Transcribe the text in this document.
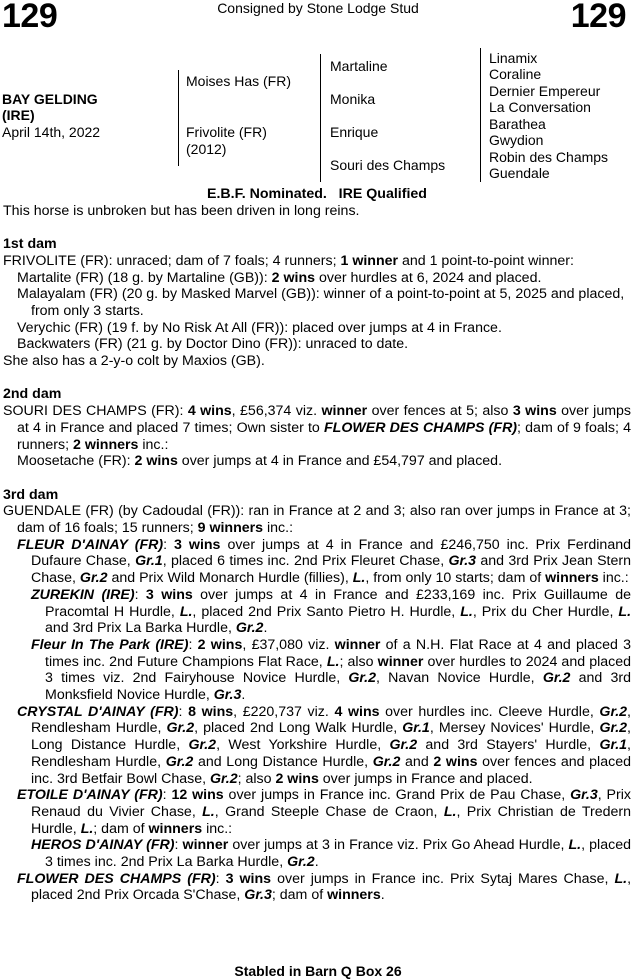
129	Consigned by Stone Lodge Stud	129
BAY GELDING
(IRE)
April 14th, 2022
Moises Has (FR)
Frivolite (FR)
(2012)
Martaline
Monika
Enrique
Souri des Champs
Linamix
Coraline
Dernier Empereur
La Conversation
Barathea
Gwydion
Robin des Champs
Guendale

E.B.F. Nominated. IRE Qualified

This horse is unbroken but has been driven in long reins.

1st dam

FRIVOLITE (FR): unraced; dam of 7 foals; 4 runners; 1 winner and 1 point-to-point winner:

Martalite (FR) (18 g. by Martaline (GB)): 2 wins over hurdles at 6, 2024 and placed.

Malayalam (FR) (20 g. by Masked Marvel (GB)): winner of a point-to-point at 5, 2025 and placed, from only 3 starts.

Verychic (FR) (19 f. by No Risk At All (FR)): placed over jumps at 4 in France.

Backwaters (FR) (21 g. by Doctor Dino (FR)): unraced to date.

She also has a 2-y-o colt by Maxios (GB).

2nd dam

SOURI DES CHAMPS (FR): 4 wins, £56,374 viz. winner over fences at 5; also 3 wins over jumps at 4 in France and placed 7 times; Own sister to FLOWER DES CHAMPS (FR); dam of 9 foals; 4 runners; 2 winners inc.:

Moosetache (FR): 2 wins over jumps at 4 in France and £54,797 and placed.

3rd dam

GUENDALE (FR) (by Cadoudal (FR)): ran in France at 2 and 3; also ran over jumps in France at 3; dam of 16 foals; 15 runners; 9 winners inc.:

FLEUR D'AINAY (FR): 3 wins over jumps at 4 in France and £246,750 inc. Prix Ferdinand Dufaure Chase, Gr.1, placed 6 times inc. 2nd Prix Fleuret Chase, Gr.3 and 3rd Prix Jean Stern Chase, Gr.2 and Prix Wild Monarch Hurdle (fillies), L., from only 10 starts; dam of winners inc.:

ZUREKIN (IRE): 3 wins over jumps at 4 in France and £233,169 inc. Prix Guillaume de Pracomtal H Hurdle, L., placed 2nd Prix Santo Pietro H. Hurdle, L., Prix du Cher Hurdle, L. and 3rd Prix La Barka Hurdle, Gr.2.

Fleur In The Park (IRE): 2 wins, £37,080 viz. winner of a N.H. Flat Race at 4 and placed 3 times inc. 2nd Future Champions Flat Race, L.; also winner over hurdles to 2024 and placed 3 times viz. 2nd Fairyhouse Novice Hurdle, Gr.2, Navan Novice Hurdle, Gr.2 and 3rd Monksfield Novice Hurdle, Gr.3.

CRYSTAL D'AINAY (FR): 8 wins, £220,737 viz. 4 wins over hurdles inc. Cleeve Hurdle, Gr.2, Rendlesham Hurdle, Gr.2, placed 2nd Long Walk Hurdle, Gr.1, Mersey Novices' Hurdle, Gr.2, Long Distance Hurdle, Gr.2, West Yorkshire Hurdle, Gr.2 and 3rd Stayers' Hurdle, Gr.1, Rendlesham Hurdle, Gr.2 and Long Distance Hurdle, Gr.2 and 2 wins over fences and placed inc. 3rd Betfair Bowl Chase, Gr.2; also 2 wins over jumps in France and placed.

ETOILE D'AINAY (FR): 12 wins over jumps in France inc. Grand Prix de Pau Chase, Gr.3, Prix Renaud du Vivier Chase, L., Grand Steeple Chase de Craon, L., Prix Christian de Tredern Hurdle, L.; dam of winners inc.:

HEROS D'AINAY (FR): winner over jumps at 3 in France viz. Prix Go Ahead Hurdle, L., placed 3 times inc. 2nd Prix La Barka Hurdle, Gr.2.

FLOWER DES CHAMPS (FR): 3 wins over jumps in France inc. Prix Sytaj Mares Chase, L., placed 2nd Prix Orcada S'Chase, Gr.3; dam of winners.

Stabled in Barn Q Box 26
